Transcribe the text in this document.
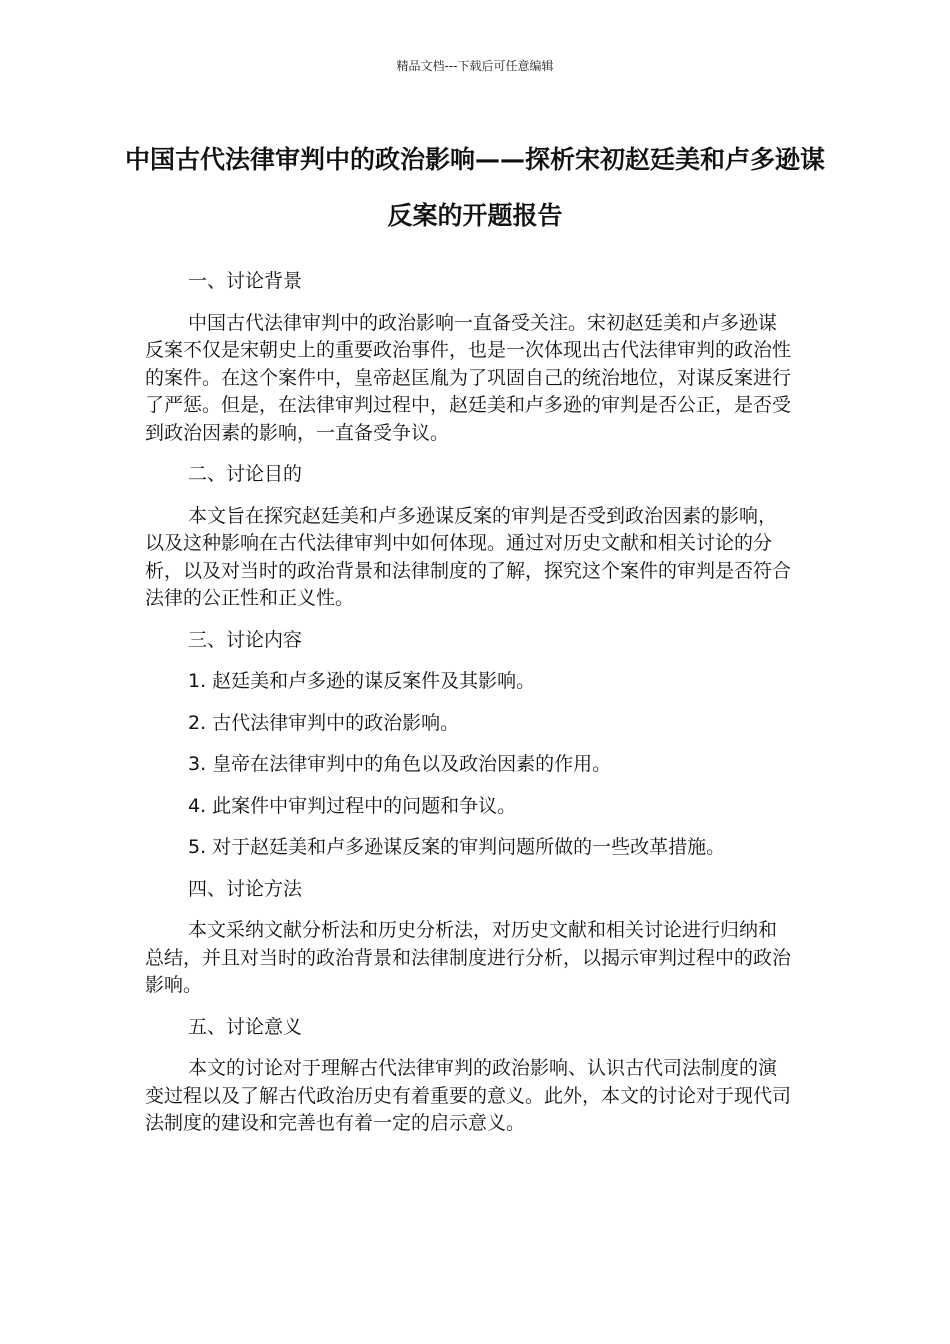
精品文档---下载后可任意编辑
中国古代法律审判中的政治影响——探析宋初赵廷美和卢多逊谋反案的开题报告
一、讨论背景
中国古代法律审判中的政治影响一直备受关注。宋初赵廷美和卢多逊谋反案不仅是宋朝史上的重要政治事件，也是一次体现出古代法律审判的政治性的案件。在这个案件中，皇帝赵匡胤为了巩固自己的统治地位，对谋反案进行了严惩。但是，在法律审判过程中，赵廷美和卢多逊的审判是否公正，是否受到政治因素的影响，一直备受争议。
二、讨论目的
本文旨在探究赵廷美和卢多逊谋反案的审判是否受到政治因素的影响，以及这种影响在古代法律审判中如何体现。通过对历史文献和相关讨论的分析，以及对当时的政治背景和法律制度的了解，探究这个案件的审判是否符合法律的公正性和正义性。
三、讨论内容
1. 赵廷美和卢多逊的谋反案件及其影响。
2. 古代法律审判中的政治影响。
3. 皇帝在法律审判中的角色以及政治因素的作用。
4. 此案件中审判过程中的问题和争议。
5. 对于赵廷美和卢多逊谋反案的审判问题所做的一些改革措施。
四、讨论方法
本文采纳文献分析法和历史分析法，对历史文献和相关讨论进行归纳和总结，并且对当时的政治背景和法律制度进行分析，以揭示审判过程中的政治影响。
五、讨论意义
本文的讨论对于理解古代法律审判的政治影响、认识古代司法制度的演变过程以及了解古代政治历史有着重要的意义。此外，本文的讨论对于现代司法制度的建设和完善也有着一定的启示意义。
